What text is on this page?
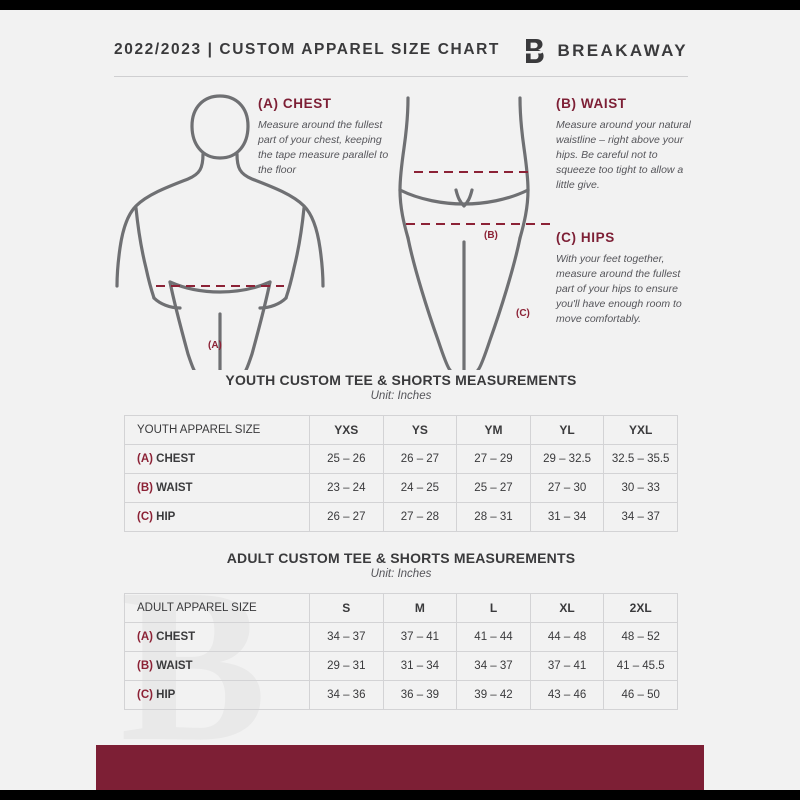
2022/2023 | CUSTOM APPAREL SIZE CHART	BREAKAWAY
(A)
(B)
(C)
(A) CHEST

Measure around the fullest part of your chest, keeping the tape measure parallel to the floor

(B) WAIST

Measure around your natural waistline – right above your hips. Be careful not to squeeze too tight to allow a little give.

(C) HIPS

With your feet together, measure around the fullest part of your hips to ensure you'll have enough room to move comfortably.

YOUTH CUSTOM TEE & SHORTS MEASUREMENTS
Unit: Inches
YOUTH APPAREL SIZE	YXS	YS	YM	YL	YXL
(A) CHEST	25 – 26	26 – 27	27 – 29	29 – 32.5	32.5 – 35.5
(B) WAIST	23 – 24	24 – 25	25 – 27	27 – 30	30 – 33
(C) HIP	26 – 27	27 – 28	28 – 31	31 – 34	34 – 37
ADULT CUSTOM TEE & SHORTS MEASUREMENTS
Unit: Inches
ADULT APPAREL SIZE	S	M	L	XL	2XL
(A) CHEST	34 – 37	37 – 41	41 – 44	44 – 48	48 – 52
(B) WAIST	29 – 31	31 – 34	34 – 37	37 – 41	41 – 45.5
(C) HIP	34 – 36	36 – 39	39 – 42	43 – 46	46 – 50
